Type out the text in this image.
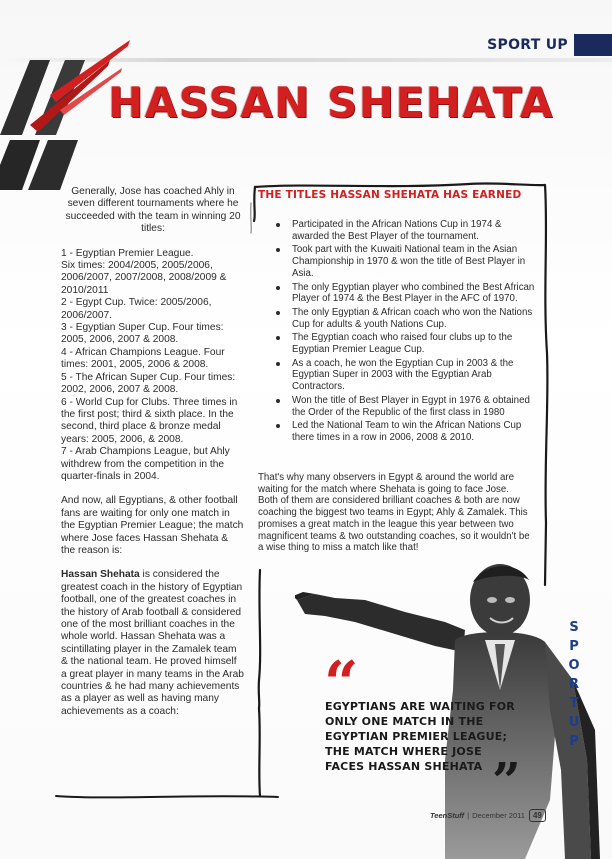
SPORT UP
HASSAN SHEHATA

Generally, Jose has coached Ahly in seven different tournaments where he succeeded with the team in winning 20 titles:

1 - Egyptian Premier League.
Six times: 2004/2005, 2005/2006, 2006/2007, 2007/2008, 2008/2009 & 2010/2011
2 - Egypt Cup. Twice: 2005/2006, 2006/2007.
3 - Egyptian Super Cup. Four times: 2005, 2006, 2007 & 2008.
4 - African Champions League. Four times: 2001, 2005, 2006 & 2008.
5 - The African Super Cup. Four times: 2002, 2006, 2007 & 2008.
6 - World Cup for Clubs. Three times in the first post; third & sixth place. In the second, third place & bronze medal years: 2005, 2006, & 2008.
7 - Arab Champions League, but Ahly withdrew from the competition in the quarter-finals in 2004.

And now, all Egyptians, & other football fans are waiting for only one match in the Egyptian Premier League; the match where Jose faces Hassan Shehata & the reason is:

Hassan Shehata is considered the greatest coach in the history of Egyptian football, one of the greatest coaches in the history of Arab football & considered one of the most brilliant coaches in the whole world. Hassan Shehata was a scintillating player in the Zamalek team & the national team. He proved himself a great player in many teams in the Arab countries & he had many achievements as a player as well as having many achievements as a coach:

THE TITLES HASSAN SHEHATA HAS EARNED
Participated in the African Nations Cup in 1974 & awarded the Best Player of the tournament.
Took part with the Kuwaiti National team in the Asian Championship in 1970 & won the title of Best Player in Asia.
The only Egyptian player who combined the Best African Player of 1974 & the Best Player in the AFC of 1970.
The only Egyptian & African coach who won the Nations Cup for adults & youth Nations Cup.
The Egyptian coach who raised four clubs up to the Egyptian Premier League Cup.
As a coach, he won the Egyptian Cup in 2003 & the Egyptian Super in 2003 with the Egyptian Arab Contractors.
Won the title of Best Player in Egypt in 1976 & obtained the Order of the Republic of the first class in 1980
Led the National Team to win the African Nations Cup there times in a row in 2006, 2008 & 2010.

That's why many observers in Egypt & around the world are waiting for the match where Shehata is going to face Jose. Both of them are considered brilliant coaches & both are now coaching the biggest two teams in Egypt; Ahly & Zamalek. This promises a great match in the league this year between two magnificent teams & two outstanding coaches, so it wouldn't be a wise thing to miss a match like that!

“
EGYPTIANS ARE WAITING FOR ONLY ONE MATCH IN THE EGYPTIAN PREMIER LEAGUE; THE MATCH WHERE JOSE FACES HASSAN SHEHATA ”
S
P
O
R
T
U
P
TeenStuff | December 2011	49
